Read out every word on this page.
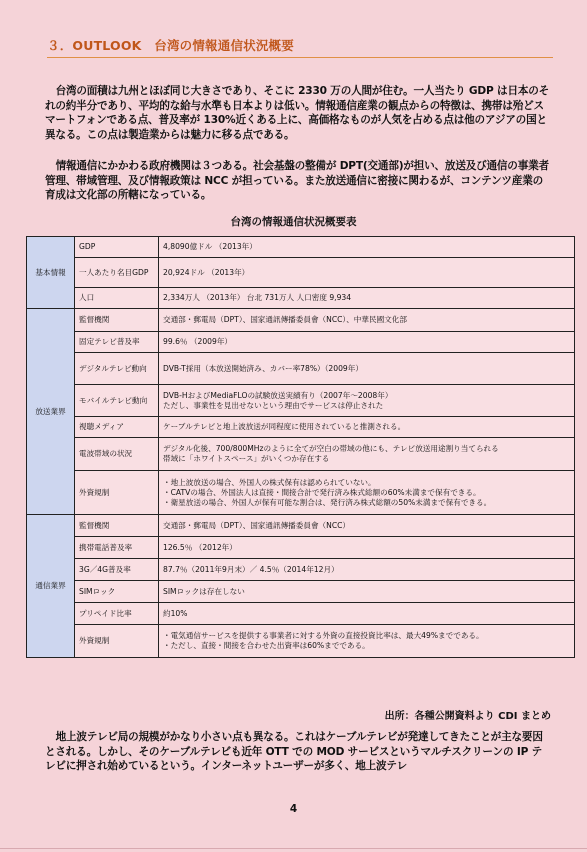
３．OUTLOOK　台湾の情報通信状況概要
台湾の面積は九州とほぼ同じ大きさであり、そこに 2330 万の人間が住む。一人当たり GDP は日本のそれの約半分であり、平均的な給与水準も日本よりは低い。情報通信産業の観点からの特徴は、携帯は殆どスマートフォンである点、普及率が 130%近くある上に、高価格なものが人気を占める点は他のアジアの国と異なる。この点は製造業からは魅力に移る点である。
情報通信にかかわる政府機関は３つある。社会基盤の整備が DPT(交通部)が担い、放送及び通信の事業者管理、帯域管理、及び情報政策は NCC が担っている。また放送通信に密接に関わるが、コンテンツ産業の育成は文化部の所轄になっている。
台湾の情報通信状況概要表
基本情報	GDP	4,8090億ドル （2013年）

	一人あたり名目GDP	20,924ドル （2013年）

	人口	2,334万人 （2013年） 台北 731万人 人口密度 9,934

放送業界	監督機関	交通部・郵電局（DPT）、国家通訊傳播委員會（NCC）、中華民國文化部

	固定テレビ普及率	99.6％ （2009年）

	デジタルテレビ動向	DVB-T採用（本放送開始済み、カバー率78%）（2009年）

	モバイルテレビ動向	DVB-HおよびMediaFLOの試験放送実績有り（2007年～2008年）
ただし、事業性を見出せないという理由でサービスは停止された

	視聴メディア	ケーブルテレビと地上波放送が同程度に使用されていると推測される。

	電波帯域の状況	デジタル化後、700/800MHzのように全てが空白の帯域の他にも、テレビ放送用途割り当てられる
帯域に「ホワイトスペース」がいくつか存在する

	外資規制	・地上波放送の場合、外国人の株式保有は認められていない。
・CATVの場合、外国法人は直接・間接合計で発行済み株式総額の60%未満まで保有できる。
・衛星放送の場合、外国人が保有可能な割合は、発行済み株式総額の50%未満まで保有できる。

通信業界	監督機関	交通部・郵電局（DPT）、国家通訊傳播委員會（NCC）

	携帯電話普及率	126.5％ （2012年）

	3G／4G普及率	87.7％（2011年9月末）／ 4.5％（2014年12月）

	SIMロック	SIMロックは存在しない

	プリペイド比率	約10%

	外資規制	・電気通信サービスを提供する事業者に対する外資の直接投資比率は、最大49%までである。
・ただし、直接・間接を合わせた出資率は60%までである。
出所：各種公開資料より CDI まとめ
地上波テレビ局の規模がかなり小さい点も異なる。これはケーブルテレビが発達してきたことが主な要因とされる。しかし、そのケーブルテレビも近年 OTT での MOD サービスというマルチスクリーンの IP テレビに押され始めているという。インターネットユーザーが多く、地上波テレ
4
